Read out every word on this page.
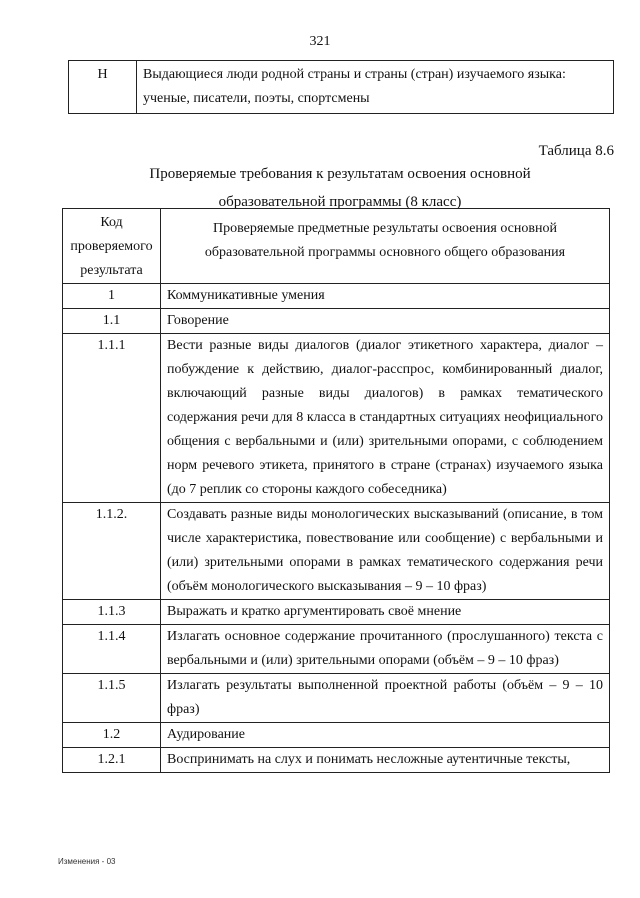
321
Н	Выдающиеся люди родной страны и страны (стран) изучаемого языка: ученые, писатели, поэты, спортсмены
Таблица 8.6
Проверяемые требования к результатам освоения основной
образовательной программы (8 класс)
Код проверяемого результата	Проверяемые предметные результаты освоения основной образовательной программы основного общего образования
1	Коммуникативные умения
1.1	Говорение
1.1.1	Вести разные виды диалогов (диалог этикетного характера, диалог – побуждение к действию, диалог-расспрос, комбинированный диалог, включающий разные виды диалогов) в рамках тематического содержания речи для 8 класса в стандартных ситуациях неофициального общения с вербальными и (или) зрительными опорами, с соблюдением норм речевого этикета, принятого в стране (странах) изучаемого языка (до 7 реплик со стороны каждого собеседника)
1.1.2.	Создавать разные виды монологических высказываний (описание, в том числе характеристика, повествование или сообщение) с вербальными и (или) зрительными опорами в рамках тематического содержания речи (объём монологического высказывания – 9 – 10 фраз)
1.1.3	Выражать и кратко аргументировать своё мнение
1.1.4	Излагать основное содержание прочитанного (прослушанного) текста с вербальными и (или) зрительными опорами (объём – 9 – 10 фраз)
1.1.5	Излагать результаты выполненной проектной работы (объём – 9 – 10 фраз)
1.2	Аудирование
1.2.1	Воспринимать на слух и понимать несложные аутентичные тексты,
Изменения - 03
